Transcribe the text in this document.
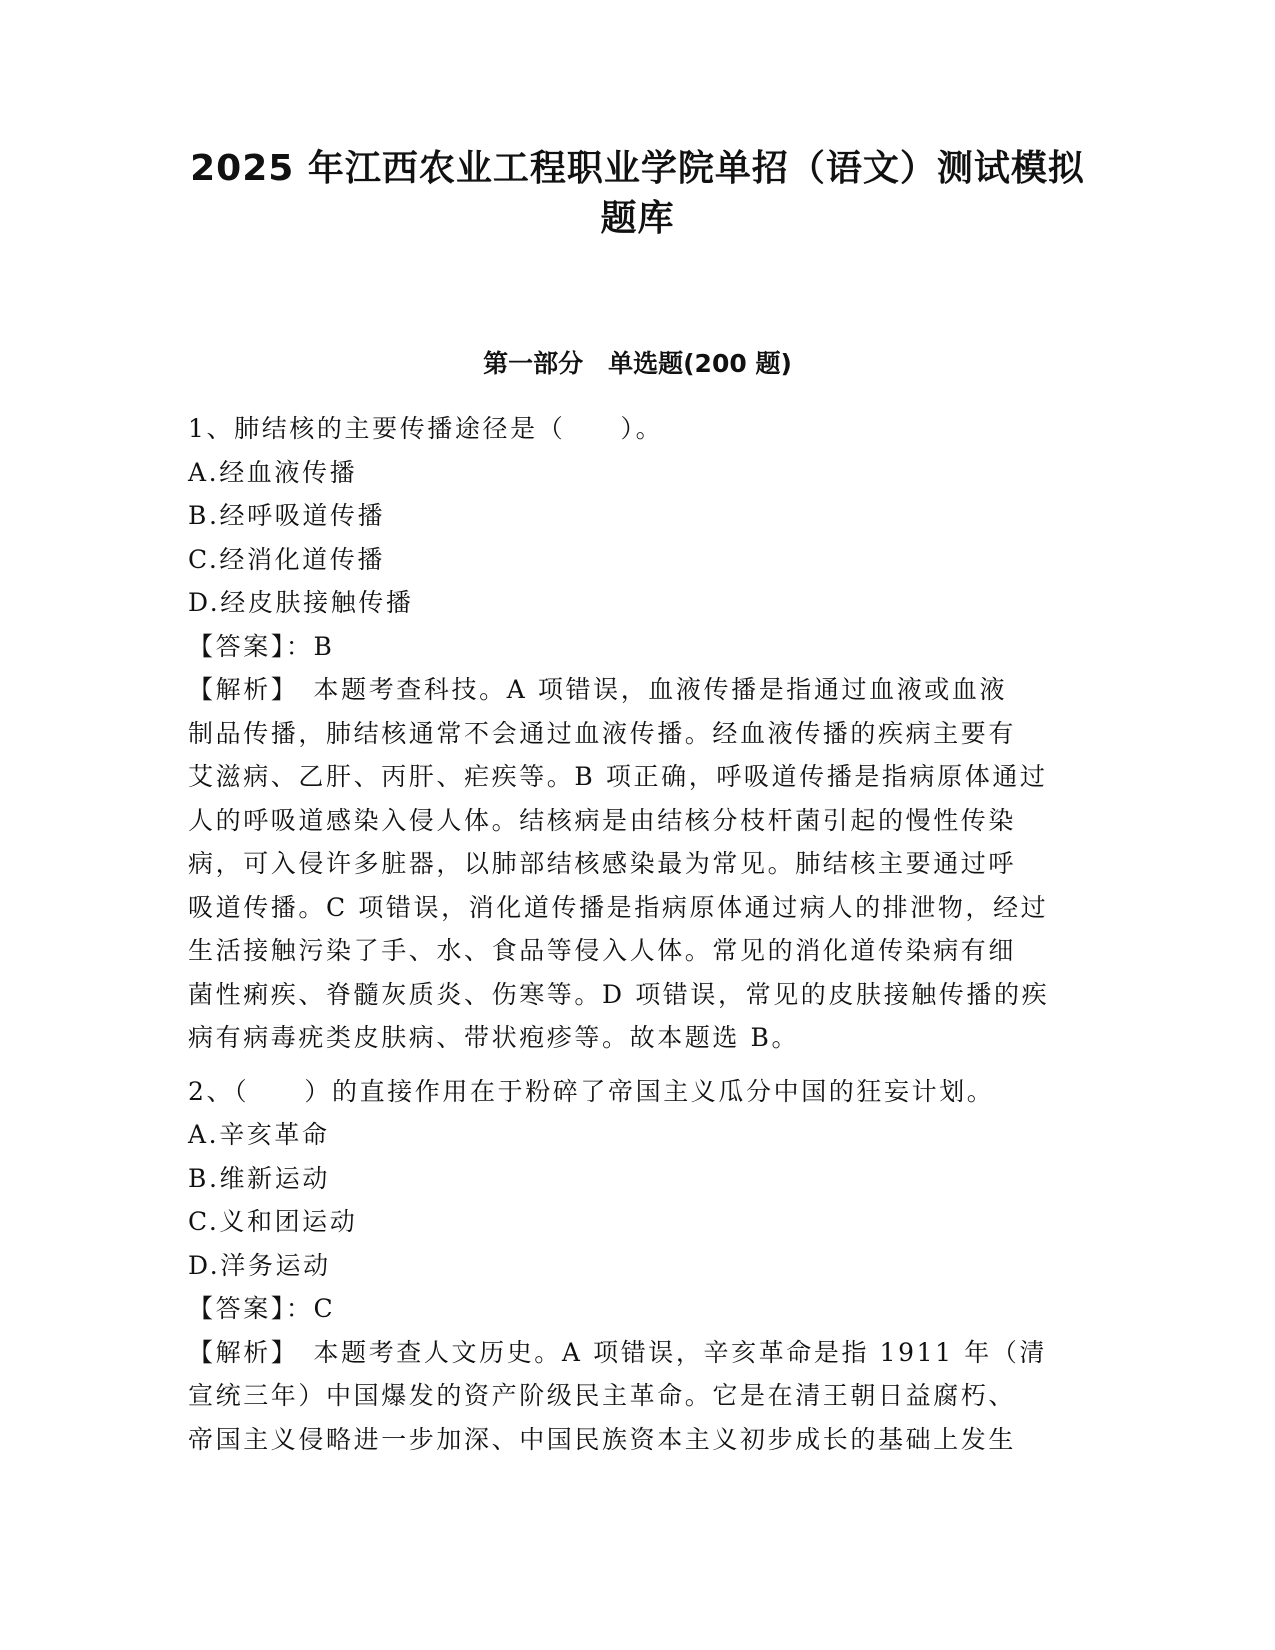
2025 年江西农业工程职业学院单招（语文）测试模拟
题库
第一部分　单选题(200 题)
1、肺结核的主要传播途径是（　　）。
A.经血液传播
B.经呼吸道传播
C.经消化道传播
D.经皮肤接触传播
【答案】：B
【解析】　本题考查科技。A 项错误，血液传播是指通过血液或血液
制品传播，肺结核通常不会通过血液传播。经血液传播的疾病主要有
艾滋病、乙肝、丙肝、疟疾等。B 项正确，呼吸道传播是指病原体通过
人的呼吸道感染入侵人体。结核病是由结核分枝杆菌引起的慢性传染
病，可入侵许多脏器，以肺部结核感染最为常见。肺结核主要通过呼
吸道传播。C 项错误，消化道传播是指病原体通过病人的排泄物，经过
生活接触污染了手、水、食品等侵入人体。常见的消化道传染病有细
菌性痢疾、脊髓灰质炎、伤寒等。D 项错误，常见的皮肤接触传播的疾
病有病毒疣类皮肤病、带状疱疹等。故本题选 B。
2、（　　）的直接作用在于粉碎了帝国主义瓜分中国的狂妄计划。
A.辛亥革命
B.维新运动
C.义和团运动
D.洋务运动
【答案】：C
【解析】　本题考查人文历史。A 项错误，辛亥革命是指 1911 年（清
宣统三年）中国爆发的资产阶级民主革命。它是在清王朝日益腐朽、
帝国主义侵略进一步加深、中国民族资本主义初步成长的基础上发生
